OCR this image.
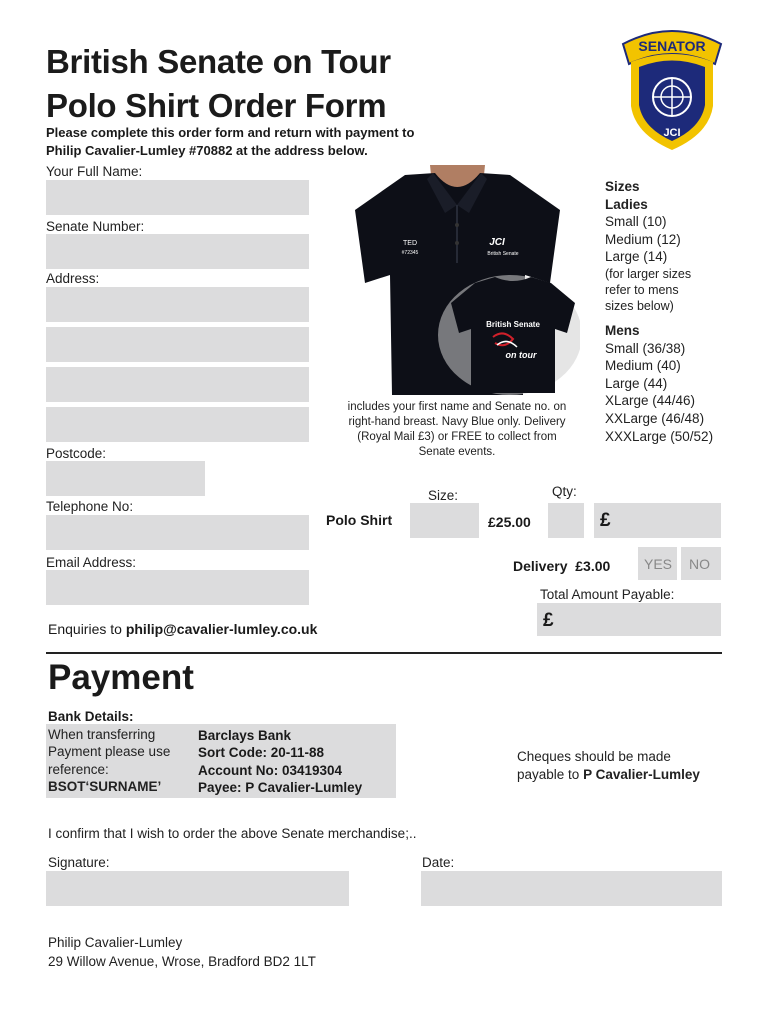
British Senate on Tour
Polo Shirt Order Form
Please complete this order form and return with payment to
Philip Cavalier-Lumley #70882 at the address below.
SENATOR
JCI
Your Full Name:
Senate Number:
Address:
Postcode:
Telephone No:
Email Address:
TED
#72345
JCI
British Senate
British Senate
on tour
includes your first name and Senate no. on
right-hand breast. Navy Blue only. Delivery
(Royal Mail £3) or FREE to collect from
Senate events.
Sizes
Ladies
Small (10)
Medium (12)
Large (14)
(for larger sizes
refer to mens
sizes below)
Mens
Small (36/38)
Medium (40)
Large (44)
XLarge (44/46)
XXLarge (46/48)
XXXLarge (50/52)
Size:	Qty:
Polo Shirt	£25.00	£
Delivery £3.00 YES NO
Total Amount Payable:
£
Enquiries to philip@cavalier-lumley.co.uk
Payment
Bank Details:
When transferring
Payment please use
reference:
BSOT‘SURNAME’
Barclays Bank
Sort Code: 20-11-88
Account No: 03419304
Payee: P Cavalier-Lumley
Cheques should be made
payable to P Cavalier-Lumley
I confirm that I wish to order the above Senate merchandise;..
Signature:	Date:
Philip Cavalier-Lumley
29 Willow Avenue, Wrose, Bradford BD2 1LT
